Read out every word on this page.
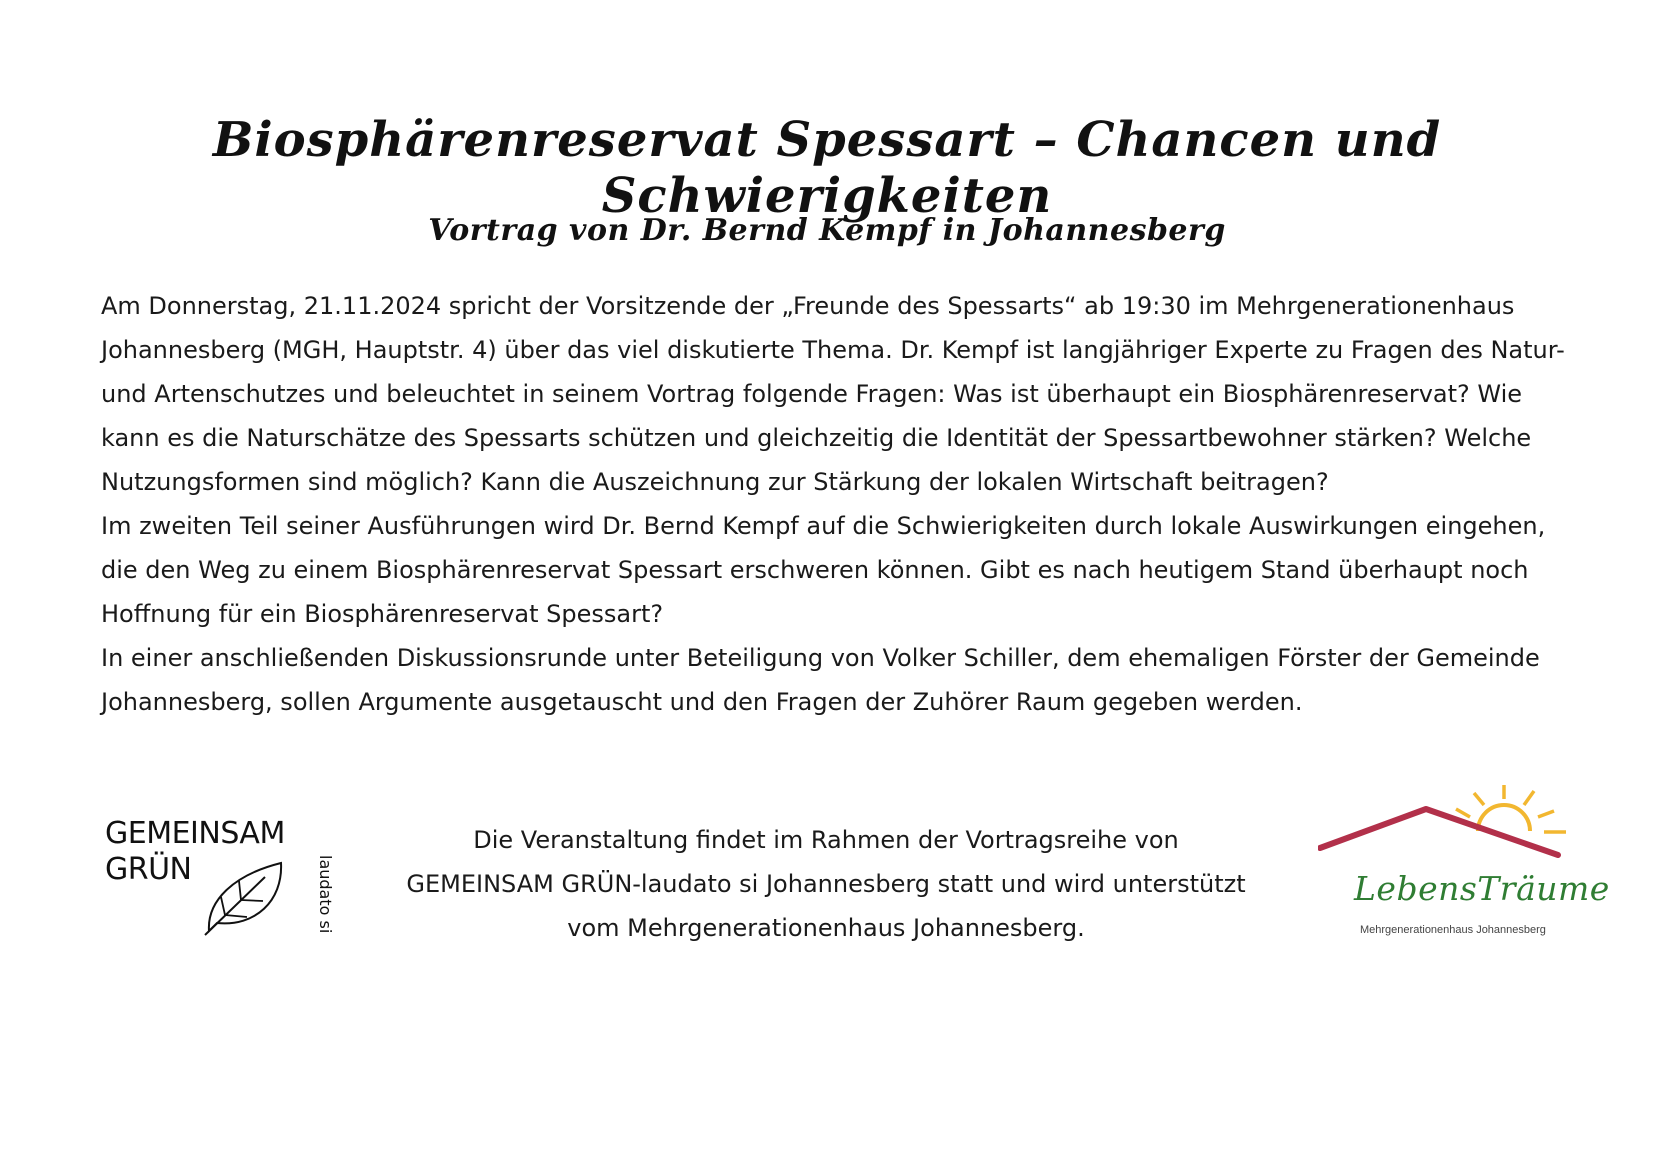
Biosphärenreservat Spessart – Chancen und Schwierigkeiten
Vortrag von Dr. Bernd Kempf in Johannesberg

Am Donnerstag, 21.11.2024 spricht der Vorsitzende der „Freunde des Spessarts“ ab 19:30 im Mehrgenerationenhaus Johannesberg (MGH, Hauptstr. 4) über das viel diskutierte Thema. Dr. Kempf ist langjähriger Experte zu Fragen des Natur- und Artenschutzes und beleuchtet in seinem Vortrag folgende Fragen: Was ist überhaupt ein Biosphärenreservat? Wie kann es die Naturschätze des Spessarts schützen und gleichzeitig die Identität der Spessartbewohner stärken? Welche Nutzungsformen sind möglich? Kann die Auszeichnung zur Stärkung der lokalen Wirtschaft beitragen?

Im zweiten Teil seiner Ausführungen wird Dr. Bernd Kempf auf die Schwierigkeiten durch lokale Auswirkungen eingehen, die den Weg zu einem Biosphärenreservat Spessart erschweren können. Gibt es nach heutigem Stand überhaupt noch Hoffnung für ein Biosphärenreservat Spessart?

In einer anschließenden Diskussionsrunde unter Beteiligung von Volker Schiller, dem ehemaligen Förster der Gemeinde Johannesberg, sollen Argumente ausgetauscht und den Fragen der Zuhörer Raum gegeben werden.

GEMEINSAM
GRÜN	laudato si

Die Veranstaltung findet im Rahmen der Vortragsreihe von

GEMEINSAM GRÜN-laudato si Johannesberg statt und wird unterstützt

vom Mehrgenerationenhaus Johannesberg.

LebensTräume
Mehrgenerationenhaus Johannesberg
